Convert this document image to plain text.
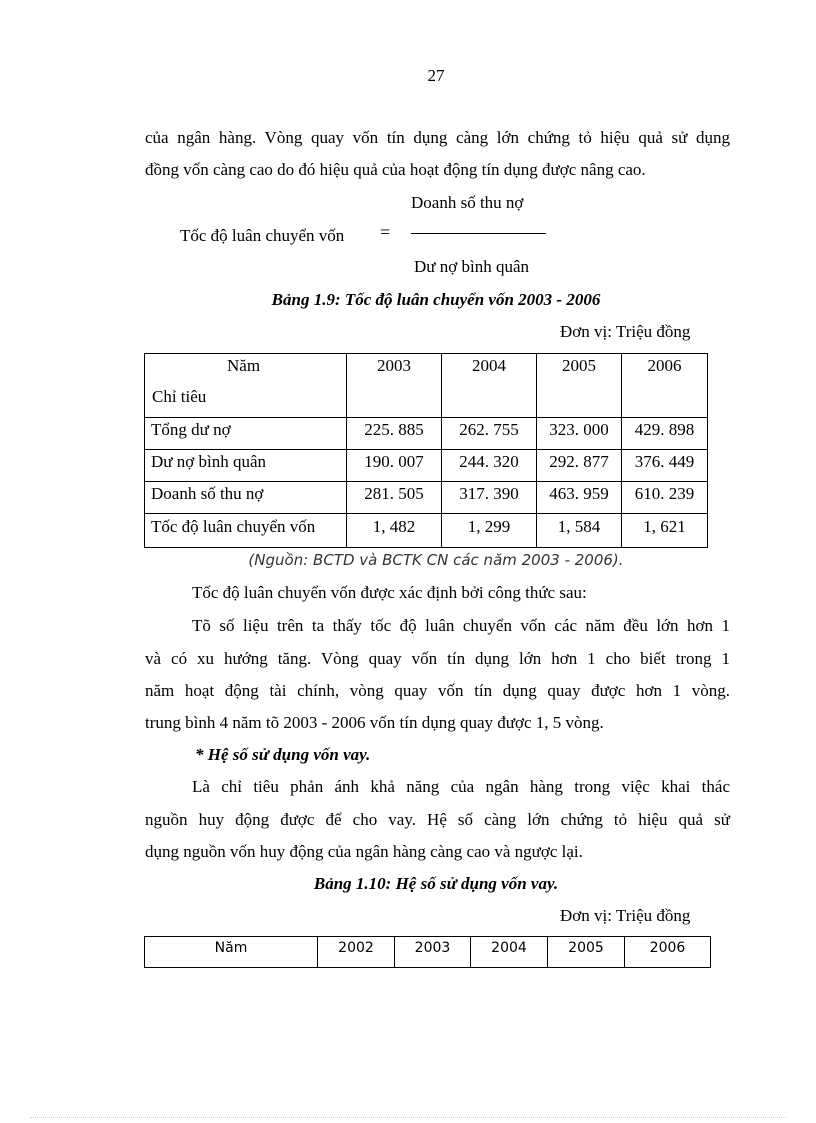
27
của ngân hàng. Vòng quay vốn tín dụng càng lớn chứng tỏ hiệu quả sử dụng
đồng vốn càng cao do đó hiệu quả của hoạt động tín dụng được nâng cao.
Doanh số thu nợ
Tốc độ luân chuyển vốn =
Dư nợ bình quân
Bảng 1.9: Tốc độ luân chuyển vốn 2003 - 2006
Đơn vị: Triệu đồng
Năm
Chỉ tiêu	2003	2004	2005	2006
Tổng dư nợ	225. 885	262. 755	323. 000	429. 898
Dư nợ bình quân	190. 007	244. 320	292. 877	376. 449
Doanh số thu nợ	281. 505	317. 390	463. 959	610. 239
Tốc độ luân chuyển vốn	1, 482	1, 299	1, 584	1, 621
(Nguồn: BCTD và BCTK CN các năm 2003 - 2006).
Tốc độ luân chuyển vốn được xác định bởi công thức sau:
Tõ số liệu trên ta thấy tốc độ luân chuyển vốn các năm đều lớn hơn 1
và có xu hướng tăng. Vòng quay vốn tín dụng lớn hơn 1 cho biết trong 1
năm hoạt động tài chính, vòng quay vốn tín dụng quay được hơn 1 vòng.
trung bình 4 năm tõ 2003 - 2006 vốn tín dụng quay được 1, 5 vòng.
* Hệ số sử dụng vốn vay.
Là chỉ tiêu phản ánh khả năng của ngân hàng trong việc khai thác
nguồn huy động được để cho vay. Hệ số càng lớn chứng tỏ hiệu quả sử
dụng nguồn vốn huy động của ngân hàng càng cao và ngược lại.
Bảng 1.10: Hệ số sử dụng vốn vay.
Đơn vị: Triệu đồng
Năm	2002	2003	2004	2005	2006
